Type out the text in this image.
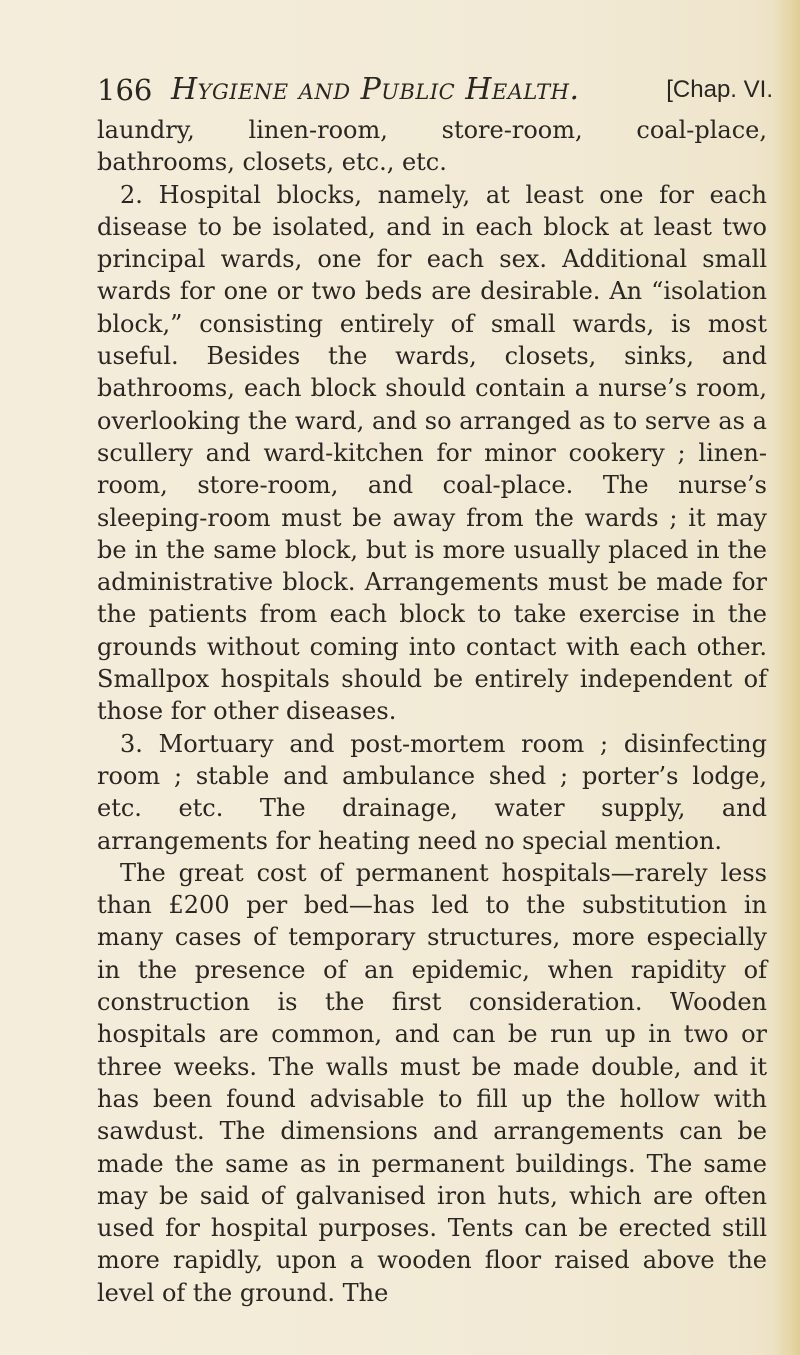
166 Hygiene and Public Health.	[Chap. VI.

laundry, linen-room, store-room, coal-place, bathrooms, closets, etc., etc.

2. Hospital blocks, namely, at least one for each disease to be isolated, and in each block at least two principal wards, one for each sex. Additional small wards for one or two beds are desirable. An “isolation block,” consisting entirely of small wards, is most useful. Besides the wards, closets, sinks, and bathrooms, each block should contain a nurse’s room, overlooking the ward, and so arranged as to serve as a scullery and ward-kitchen for minor cookery ; linen-room, store-room, and coal-place. The nurse’s sleeping-room must be away from the wards ; it may be in the same block, but is more usually placed in the administrative block. Arrangements must be made for the patients from each block to take exercise in the grounds without coming into contact with each other. Smallpox hospitals should be entirely independent of those for other diseases.

3. Mortuary and post-mortem room ; disinfecting room ; stable and ambulance shed ; porter’s lodge, etc. etc. The drainage, water supply, and arrangements for heating need no special mention.

The great cost of permanent hospitals—rarely less than £200 per bed—has led to the substitution in many cases of temporary structures, more especially in the presence of an epidemic, when rapidity of construction is the first consideration. Wooden hospitals are common, and can be run up in two or three weeks. The walls must be made double, and it has been found advisable to fill up the hollow with sawdust. The dimensions and arrangements can be made the same as in permanent buildings. The same may be said of galvanised iron huts, which are often used for hospital purposes. Tents can be erected still more rapidly, upon a wooden floor raised above the level of the ground. The
